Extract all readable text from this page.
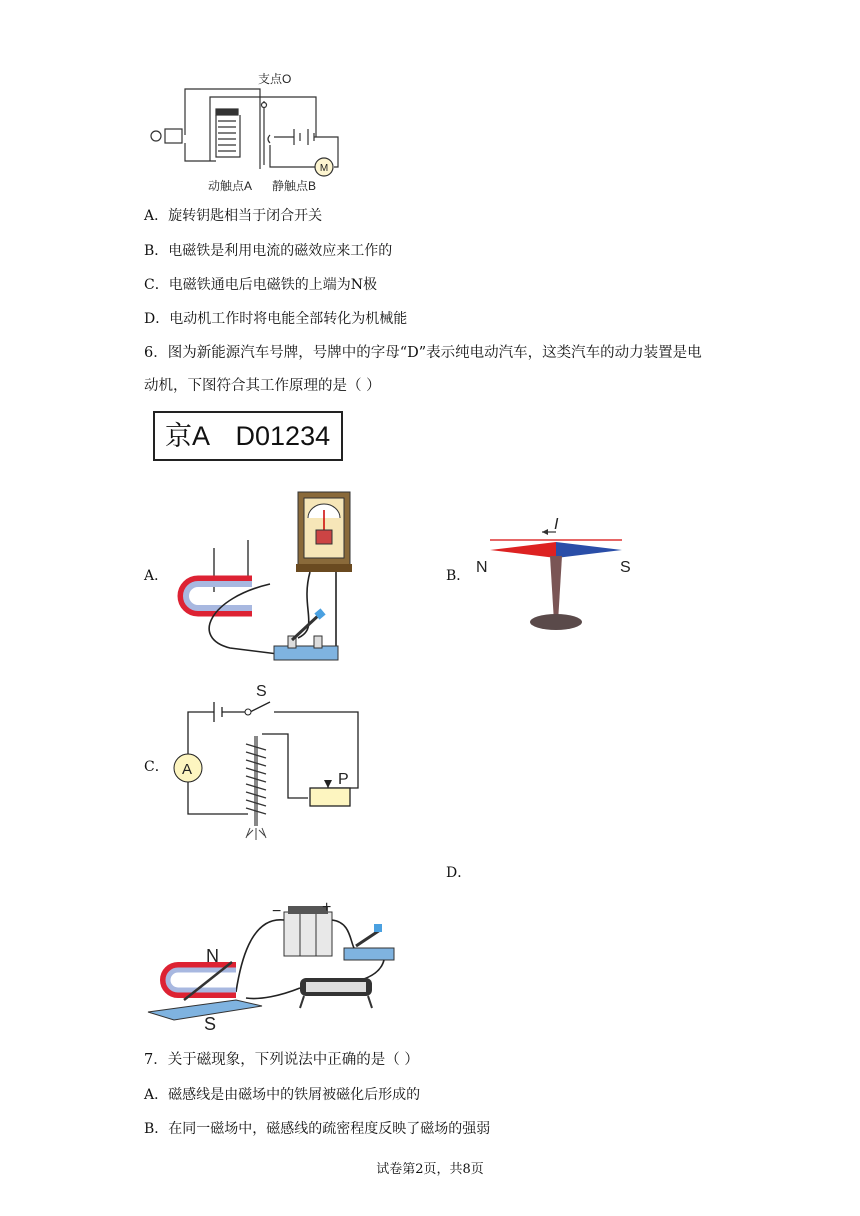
M
支点O
动触点A 静触点B
A．旋转钥匙相当于闭合开关
B．电磁铁是利用电流的磁效应来工作的
C．电磁铁通电后电磁铁的上端为N极
D．电动机工作时将电能全部转化为机械能
6．图为新能源汽车号牌，号牌中的字母“D”表示纯电动汽车，这类汽车的动力装置是电
动机，下图符合其工作原理的是（ ）
京A　D01234
A．	B．
I
N	S
C．
S
A
P
D．
−	+
N
S
7．关于磁现象，下列说法中正确的是（ ）
A．磁感线是由磁场中的铁屑被磁化后形成的
B．在同一磁场中，磁感线的疏密程度反映了磁场的强弱
试卷第2页，共8页
